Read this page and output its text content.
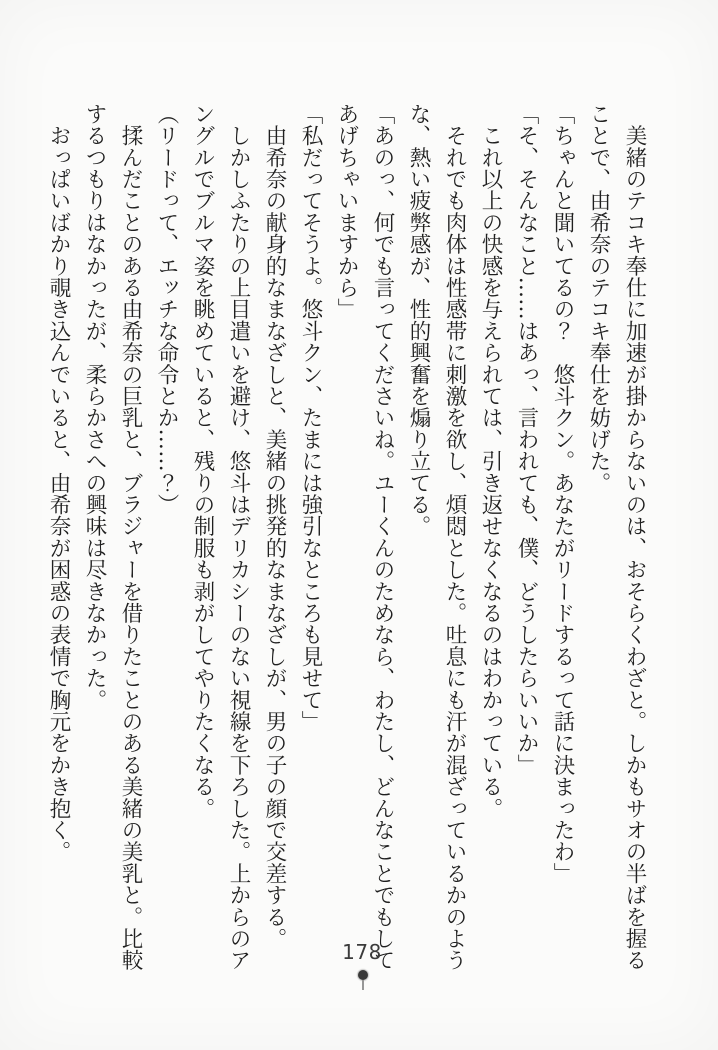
　美緒のテコキ奉仕に加速が掛からないのは、おそらくわざと。しかもサオの半ばを握る

ことで、由希奈のテコキ奉仕を妨げた。

「ちゃんと聞いてるの？　悠斗クン。あなたがリードするって話に決まったわ」

「そ、そんなこと……はあっ、言われても、僕、どうしたらいいか」

　これ以上の快感を与えられては、引き返せなくなるのはわかっている。

　それでも肉体は性感帯に刺激を欲し、煩悶とした。吐息にも汗が混ざっているかのよう

な、熱い疲弊感が、性的興奮を煽り立てる。

「あのっ、何でも言ってくださいね。ユーくんのためなら、わたし、どんなことでもして

あげちゃいますから」

「私だってそうよ。悠斗クン、たまには強引なところも見せて」

　由希奈の献身的なまなざしと、美緒の挑発的なまなざしが、男の子の顔で交差する。

　しかしふたりの上目遣いを避け、悠斗はデリカシーのない視線を下ろした。上からのア

ングルでブルマ姿を眺めていると、残りの制服も剥がしてやりたくなる。

（リードって、エッチな命令とか……？）

　揉んだことのある由希奈の巨乳と、ブラジャーを借りたことのある美緒の美乳と。比較

するつもりはなかったが、柔らかさへの興味は尽きなかった。

　おっぱいばかり覗き込んでいると、由希奈が困惑の表情で胸元をかき抱く。

178
